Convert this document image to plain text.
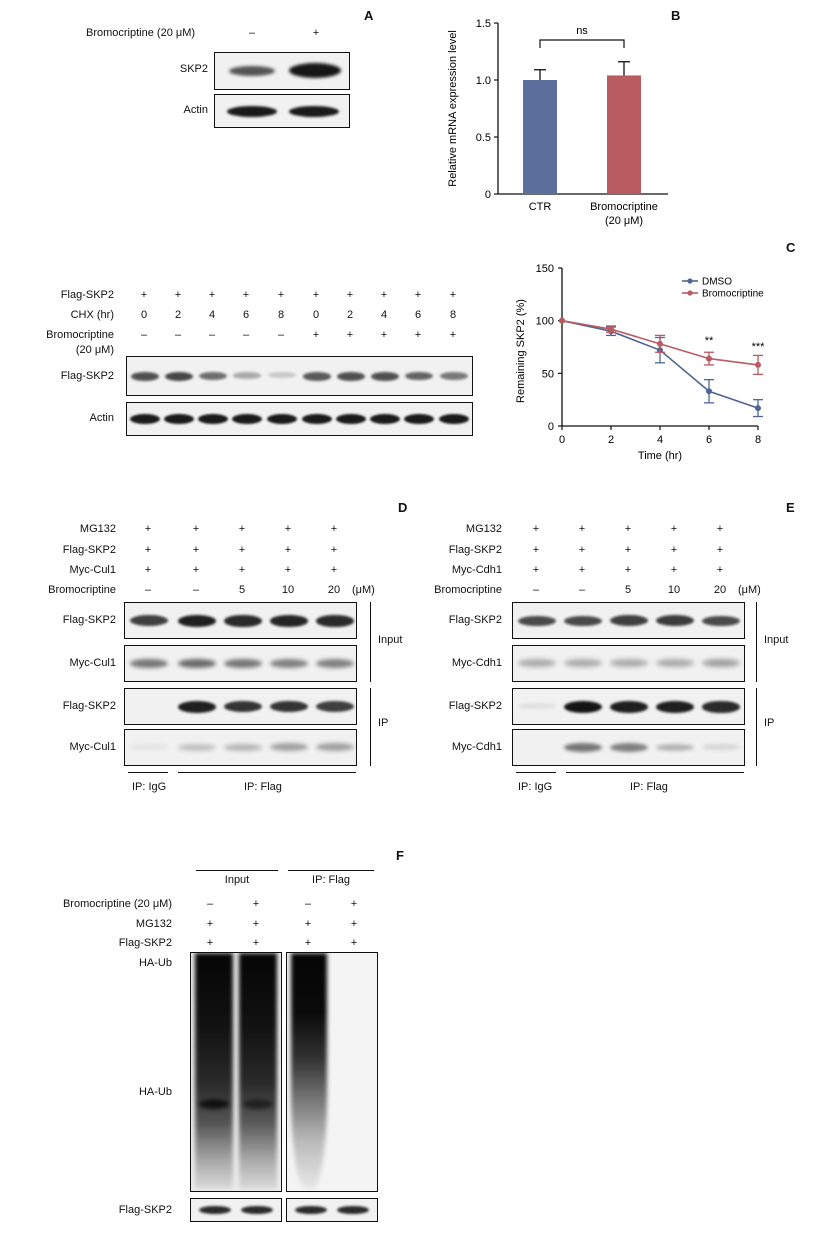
A	B
C
D	E
F
Bromocriptine (20 μM)	–	+
SKP2
Actin
0
0.5
1.0
1.5
Relative mRNA expression level
CTR	Bromocriptine (20 μM)
ns
Flag-SKP2	+	+	+	+	+	+	+	+	+	+
CHX (hr)	0	2	4	6	8	0	2	4	6	8
Bromocriptine	–	–	–	–	–	+	+	+	+	+
(20 μM)
Flag-SKP2
Actin
0
50
100
150
0	2	4	6	8
Time (hr)
Remaining SKP2 (%)
DMSO
Bromocriptine
**
***
MG132	+	+	+	+	+
Flag-SKP2	+	+	+	+	+
Myc-Cul1	+	+	+	+	+
Bromocriptine	–	–	5	10	20	(μM)
Flag-SKP2
Myc-Cul1
Flag-SKP2
Myc-Cul1
Input
IP
IP: IgG	IP: Flag
MG132	+	+	+	+	+
Flag-SKP2	+	+	+	+	+
Myc-Cdh1	+	+	+	+	+
Bromocriptine	–	–	5	10	20	(μM)
Flag-SKP2
Myc-Cdh1
Flag-SKP2
Myc-Cdh1
Input
IP
IP: IgG	IP: Flag
Input	IP: Flag
Bromocriptine (20 μM)	–	+	–	+
MG132	+	+	+	+
Flag-SKP2	+	+	+	+
HA-Ub
HA-Ub
Flag-SKP2
